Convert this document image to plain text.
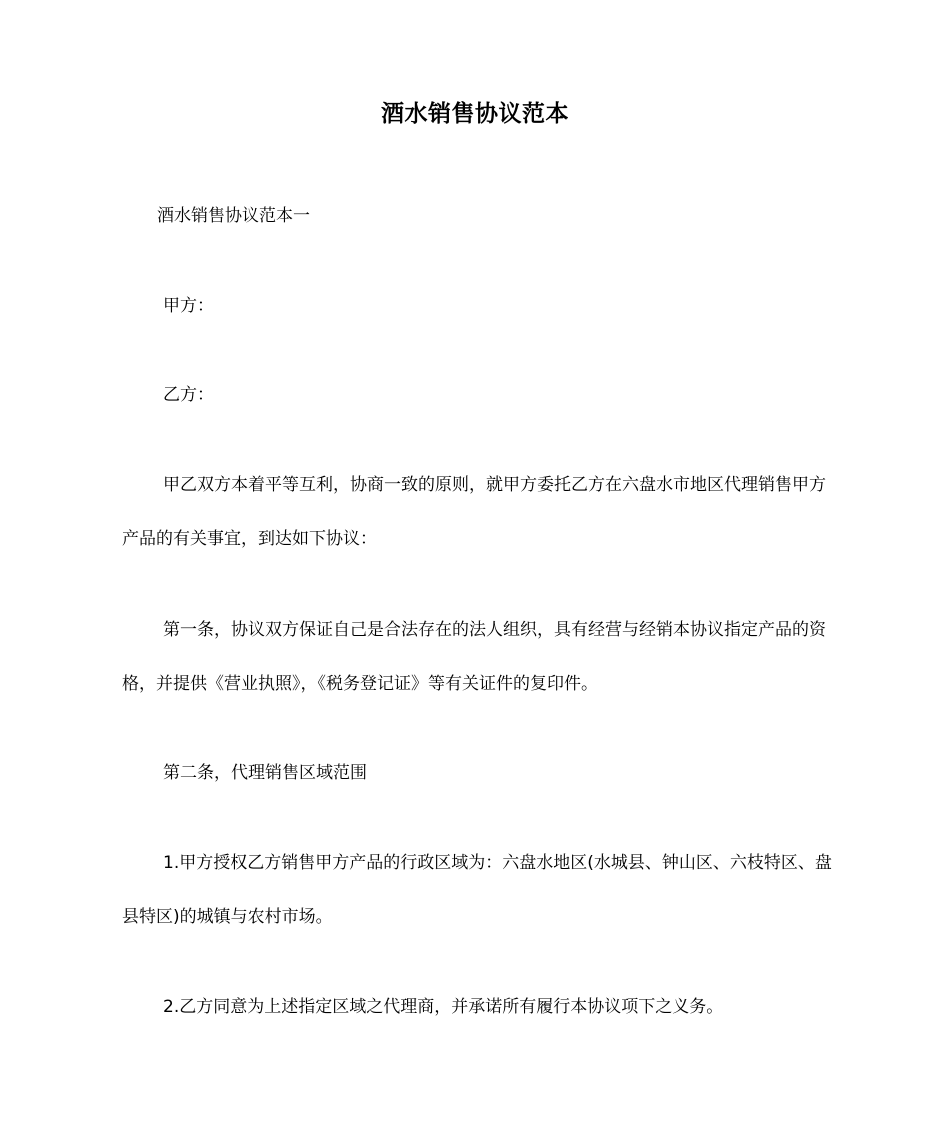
酒水销售协议范本

酒水销售协议范本一

甲方：

乙方：

甲乙双方本着平等互利，协商一致的原则，就甲方委托乙方在六盘水市地区代理销售甲方产品的有关事宜，到达如下协议：

第一条，协议双方保证自己是合法存在的法人组织，具有经营与经销本协议指定产品的资格，并提供《营业执照》，《税务登记证》等有关证件的复印件。

第二条，代理销售区域范围

1.甲方授权乙方销售甲方产品的行政区域为：六盘水地区(水城县、钟山区、六枝特区、盘县特区)的城镇与农村市场。

2.乙方同意为上述指定区域之代理商，并承诺所有履行本协议项下之义务。
